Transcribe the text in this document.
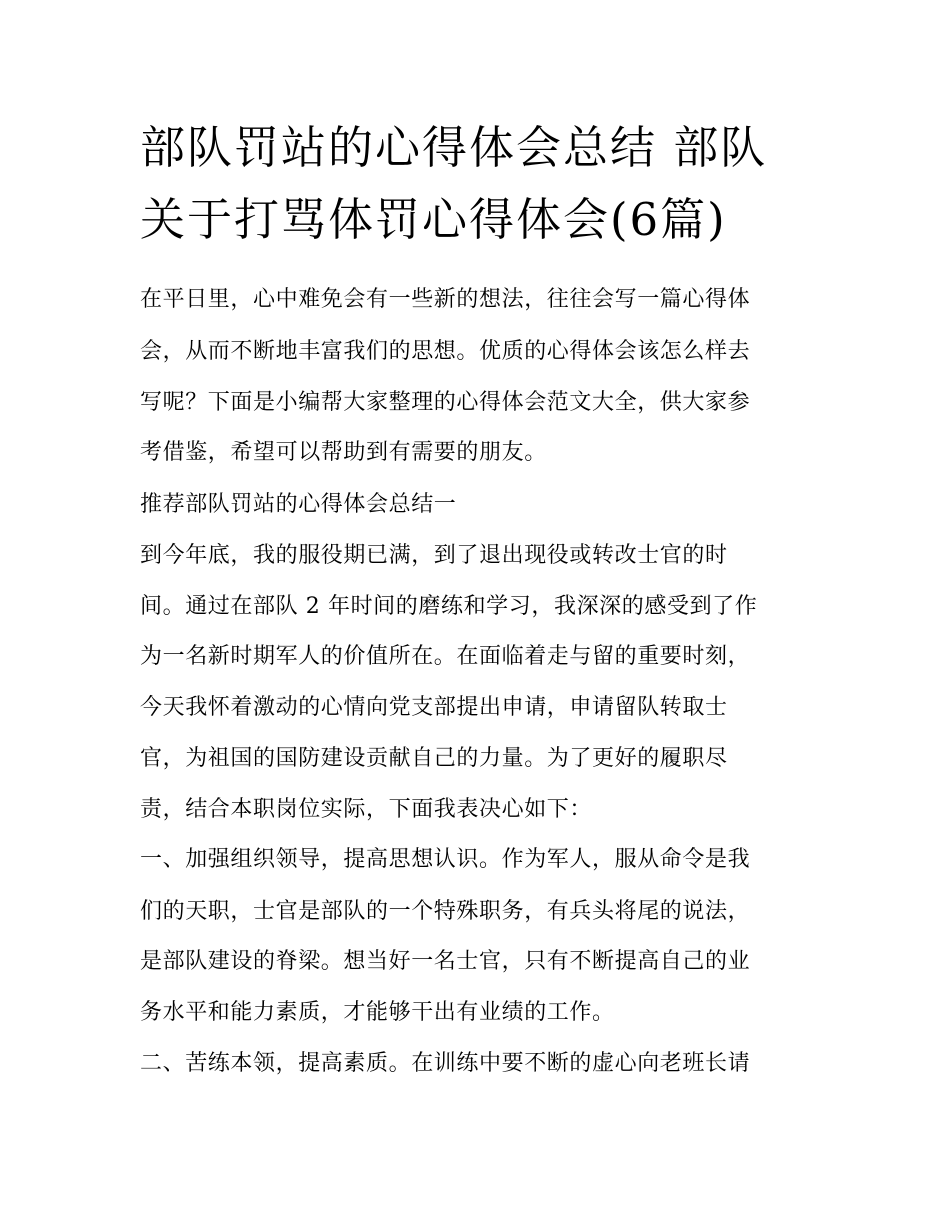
部队罚站的心得体会总结 部队
关于打骂体罚心得体会(6篇)

在平日里，心中难免会有一些新的想法，往往会写一篇心得体

会，从而不断地丰富我们的思想。优质的心得体会该怎么样去

写呢？下面是小编帮大家整理的心得体会范文大全，供大家参

考借鉴，希望可以帮助到有需要的朋友。

推荐部队罚站的心得体会总结一

到今年底，我的服役期已满，到了退出现役或转改士官的时

间。通过在部队 2 年时间的磨练和学习，我深深的感受到了作

为一名新时期军人的价值所在。在面临着走与留的重要时刻，

今天我怀着激动的心情向党支部提出申请，申请留队转取士

官，为祖国的国防建设贡献自己的力量。为了更好的履职尽

责，结合本职岗位实际，下面我表决心如下：

一、加强组织领导，提高思想认识。作为军人，服从命令是我

们的天职，士官是部队的一个特殊职务，有兵头将尾的说法，

是部队建设的脊梁。想当好一名士官，只有不断提高自己的业

务水平和能力素质，才能够干出有业绩的工作。

二、苦练本领，提高素质。在训练中要不断的虚心向老班长请
